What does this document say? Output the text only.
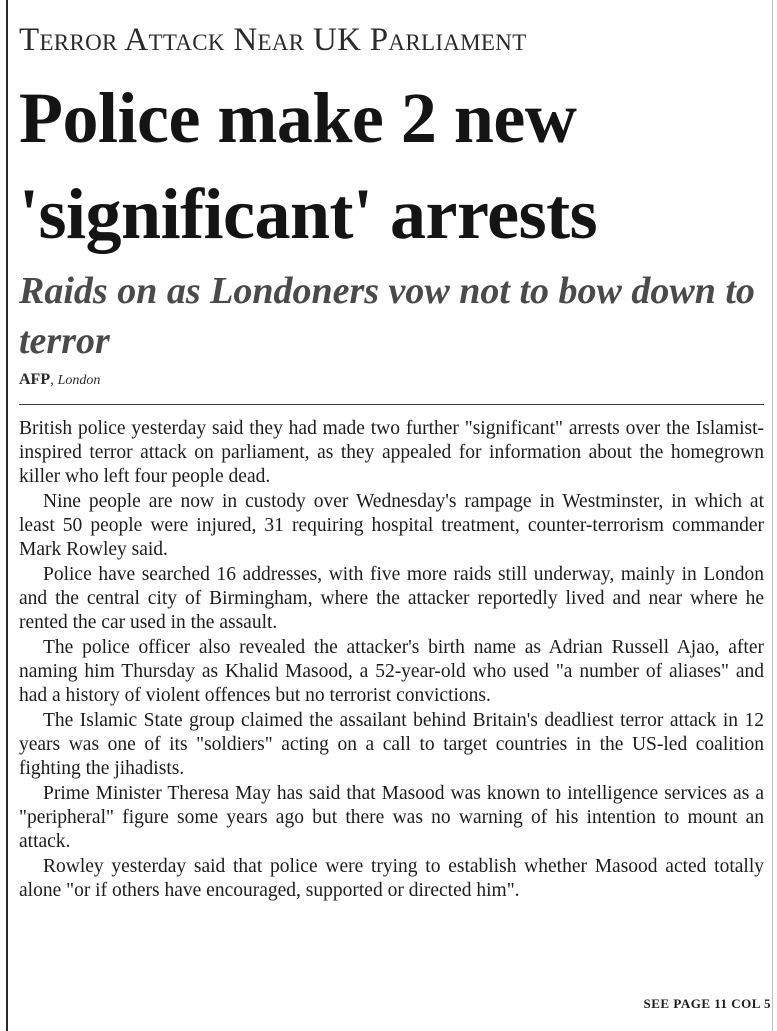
Terror Attack Near UK Parliament
Police make 2 new 'significant' arrests
Raids on as Londoners vow not to bow down to terror
AFP, London

British police yesterday said they had made two further "significant" arrests over the Islamist-inspired terror attack on parliament, as they appealed for information about the homegrown killer who left four people dead.

Nine people are now in custody over Wednesday's rampage in Westminster, in which at least 50 people were injured, 31 requiring hospital treatment, counter-terrorism commander Mark Rowley said.

Police have searched 16 addresses, with five more raids still underway, mainly in London and the central city of Birmingham, where the attacker reportedly lived and near where he rented the car used in the assault.

The police officer also revealed the attacker's birth name as Adrian Russell Ajao, after naming him Thursday as Khalid Masood, a 52-year-old who used "a number of aliases" and had a history of violent offences but no terrorist convictions.

The Islamic State group claimed the assailant behind Britain's deadliest terror attack in 12 years was one of its "soldiers" acting on a call to target countries in the US-led coalition fighting the jihadists.

Prime Minister Theresa May has said that Masood was known to intelligence services as a "peripheral" figure some years ago but there was no warning of his intention to mount an attack.

Rowley yesterday said that police were trying to establish whether Masood acted totally alone "or if others have encouraged, supported or directed him".

SEE PAGE 11 COL 5
